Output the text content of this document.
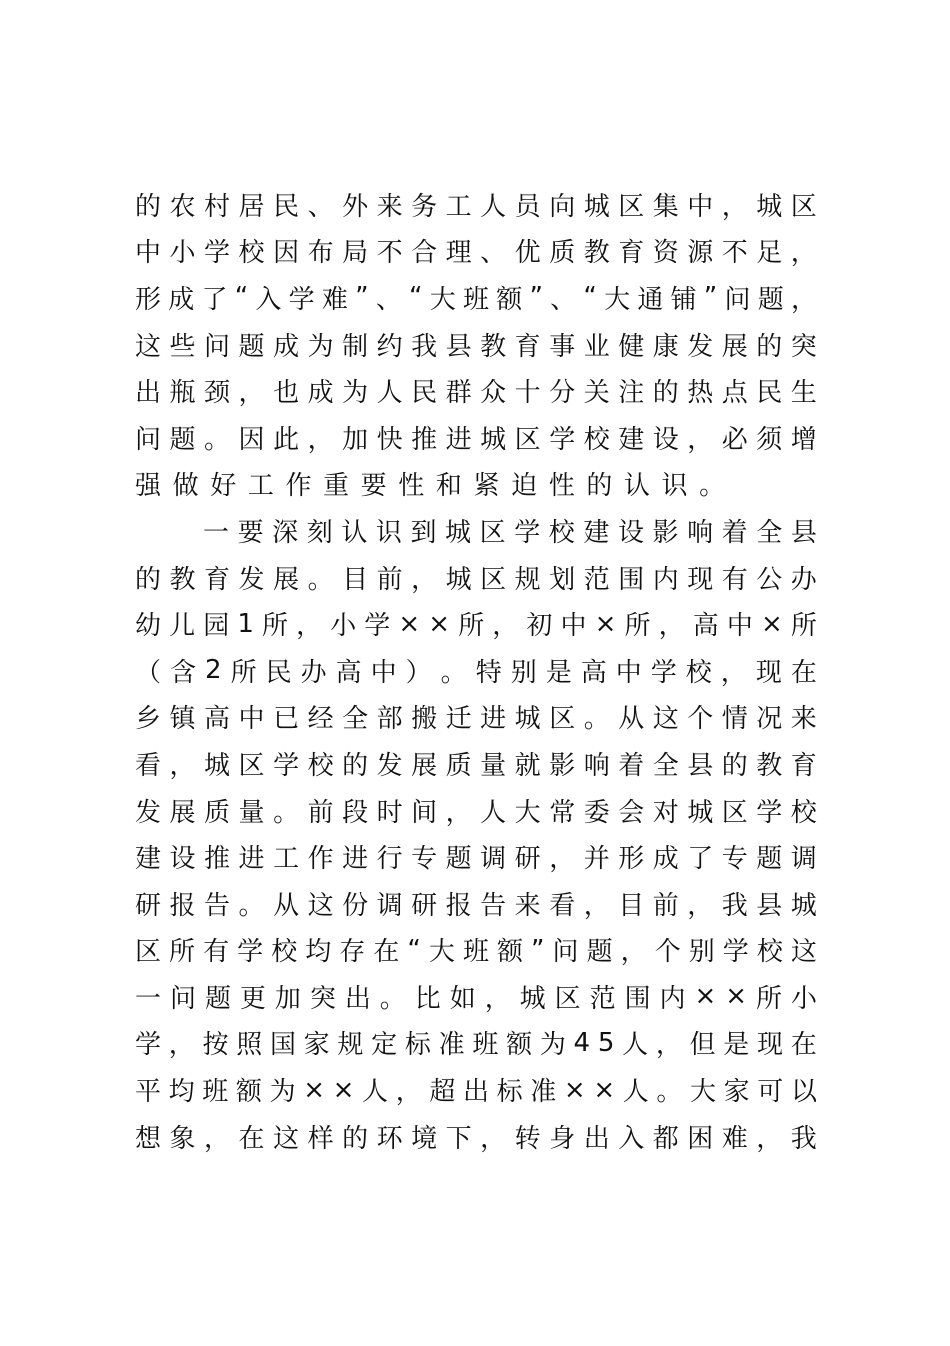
的 农 村 居 民 、 外 来 务 工 人 员 向 城 区 集 中 ， 城 区
中 小 学 校 因 布 局 不 合 理 、 优 质 教 育 资 源 不 足 ，
形 成 了 “ 入 学 难 ” 、 “ 大 班 额 ” 、 “ 大 通 铺 ” 问 题 ，
这 些 问 题 成 为 制 约 我 县 教 育 事 业 健 康 发 展 的 突
出 瓶 颈 ， 也 成 为 人 民 群 众 十 分 关 注 的 热 点 民 生
问 题 。 因 此 ， 加 快 推 进 城 区 学 校 建 设 ， 必 须 增
强 做 好 工 作 重 要 性 和 紧 迫 性 的 认 识 。
一 要 深 刻 认 识 到 城 区 学 校 建 设 影 响 着 全 县
的 教 育 发 展 。 目 前 ， 城 区 规 划 范 围 内 现 有 公 办
幼 儿 园 1 所 ， 小 学 × × 所 ， 初 中 × 所 ， 高 中 × 所
（ 含 2 所 民 办 高 中 ） 。 特 别 是 高 中 学 校 ， 现 在
乡 镇 高 中 已 经 全 部 搬 迁 进 城 区 。 从 这 个 情 况 来
看 ， 城 区 学 校 的 发 展 质 量 就 影 响 着 全 县 的 教 育
发 展 质 量 。 前 段 时 间 ， 人 大 常 委 会 对 城 区 学 校
建 设 推 进 工 作 进 行 专 题 调 研 ， 并 形 成 了 专 题 调
研 报 告 。 从 这 份 调 研 报 告 来 看 ， 目 前 ， 我 县 城
区 所 有 学 校 均 存 在 “ 大 班 额 ” 问 题 ， 个 别 学 校 这
一 问 题 更 加 突 出 。 比 如 ， 城 区 范 围 内 × × 所 小
学 ， 按 照 国 家 规 定 标 准 班 额 为 4 5 人 ， 但 是 现 在
平 均 班 额 为 × × 人 ， 超 出 标 准 × × 人 。 大 家 可 以
想 象 ， 在 这 样 的 环 境 下 ， 转 身 出 入 都 困 难 ， 我
